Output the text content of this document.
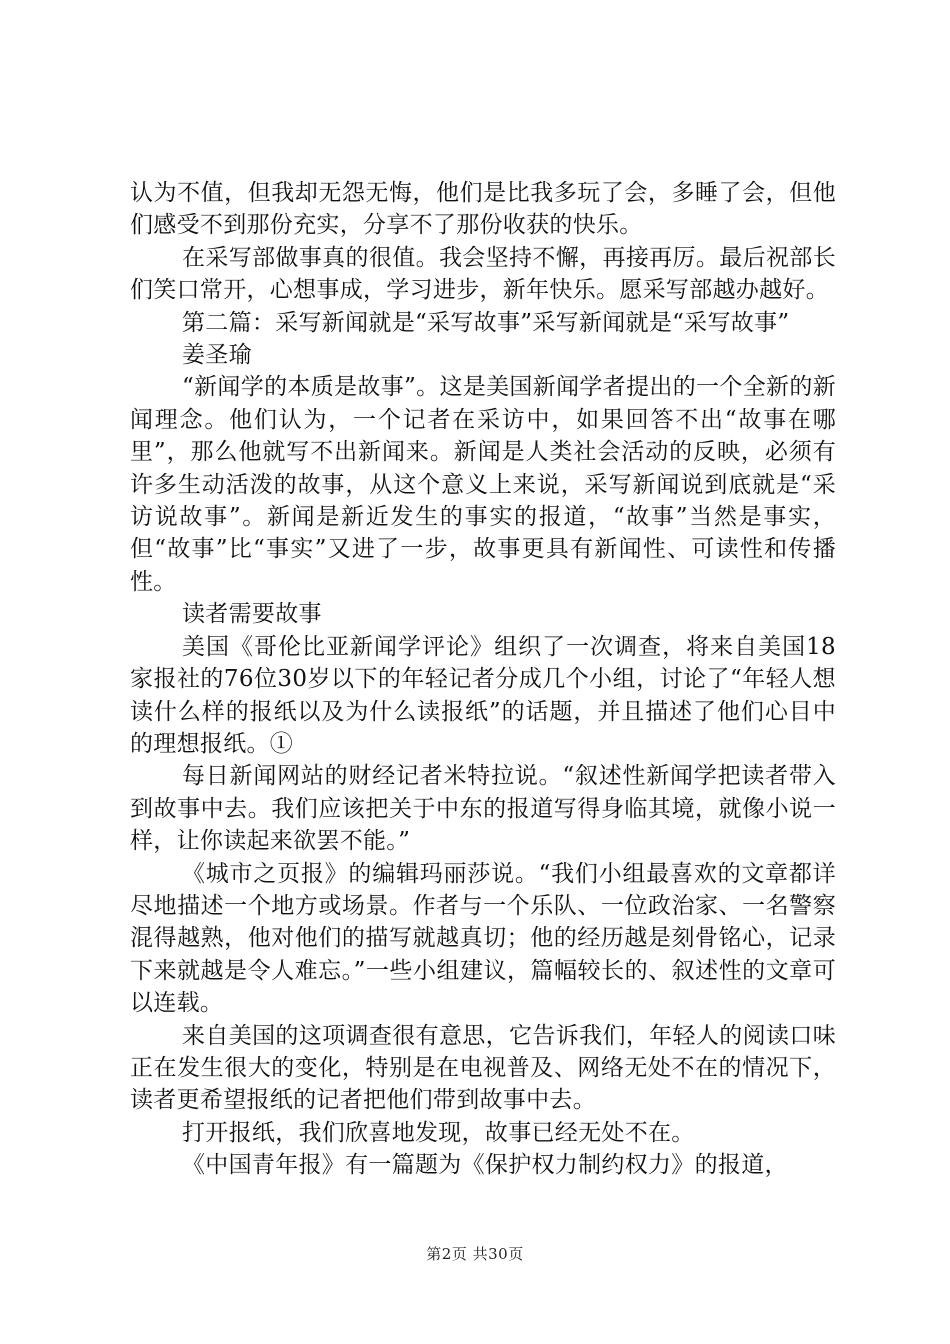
认为不值，但我却无怨无悔，他们是比我多玩了会，多睡了会，但他们感受不到那份充实，分享不了那份收获的快乐。

在采写部做事真的很值。我会坚持不懈，再接再厉。最后祝部长们笑口常开，心想事成，学习进步，新年快乐。愿采写部越办越好。

第二篇：采写新闻就是“采写故事”采写新闻就是“采写故事”

姜圣瑜

“新闻学的本质是故事”。这是美国新闻学者提出的一个全新的新闻理念。他们认为，一个记者在采访中，如果回答不出“故事在哪里”，那么他就写不出新闻来。新闻是人类社会活动的反映，必须有许多生动活泼的故事，从这个意义上来说，采写新闻说到底就是“采访说故事”。新闻是新近发生的事实的报道，“故事”当然是事实，但“故事”比“事实”又进了一步，故事更具有新闻性、可读性和传播性。

读者需要故事

美国《哥伦比亚新闻学评论》组织了一次调查，将来自美国18家报社的76位30岁以下的年轻记者分成几个小组，讨论了“年轻人想读什么样的报纸以及为什么读报纸”的话题，并且描述了他们心目中的理想报纸。①

每日新闻网站的财经记者米特拉说。“叙述性新闻学把读者带入到故事中去。我们应该把关于中东的报道写得身临其境，就像小说一样，让你读起来欲罢不能。”

《城市之页报》的编辑玛丽莎说。“我们小组最喜欢的文章都详尽地描述一个地方或场景。作者与一个乐队、一位政治家、一名警察混得越熟，他对他们的描写就越真切；他的经历越是刻骨铭心，记录下来就越是令人难忘。”一些小组建议，篇幅较长的、叙述性的文章可以连载。

来自美国的这项调查很有意思，它告诉我们，年轻人的阅读口味正在发生很大的变化，特别是在电视普及、网络无处不在的情况下，读者更希望报纸的记者把他们带到故事中去。

打开报纸，我们欣喜地发现，故事已经无处不在。

《中国青年报》有一篇题为《保护权力制约权力》的报道，

第2页 共30页
